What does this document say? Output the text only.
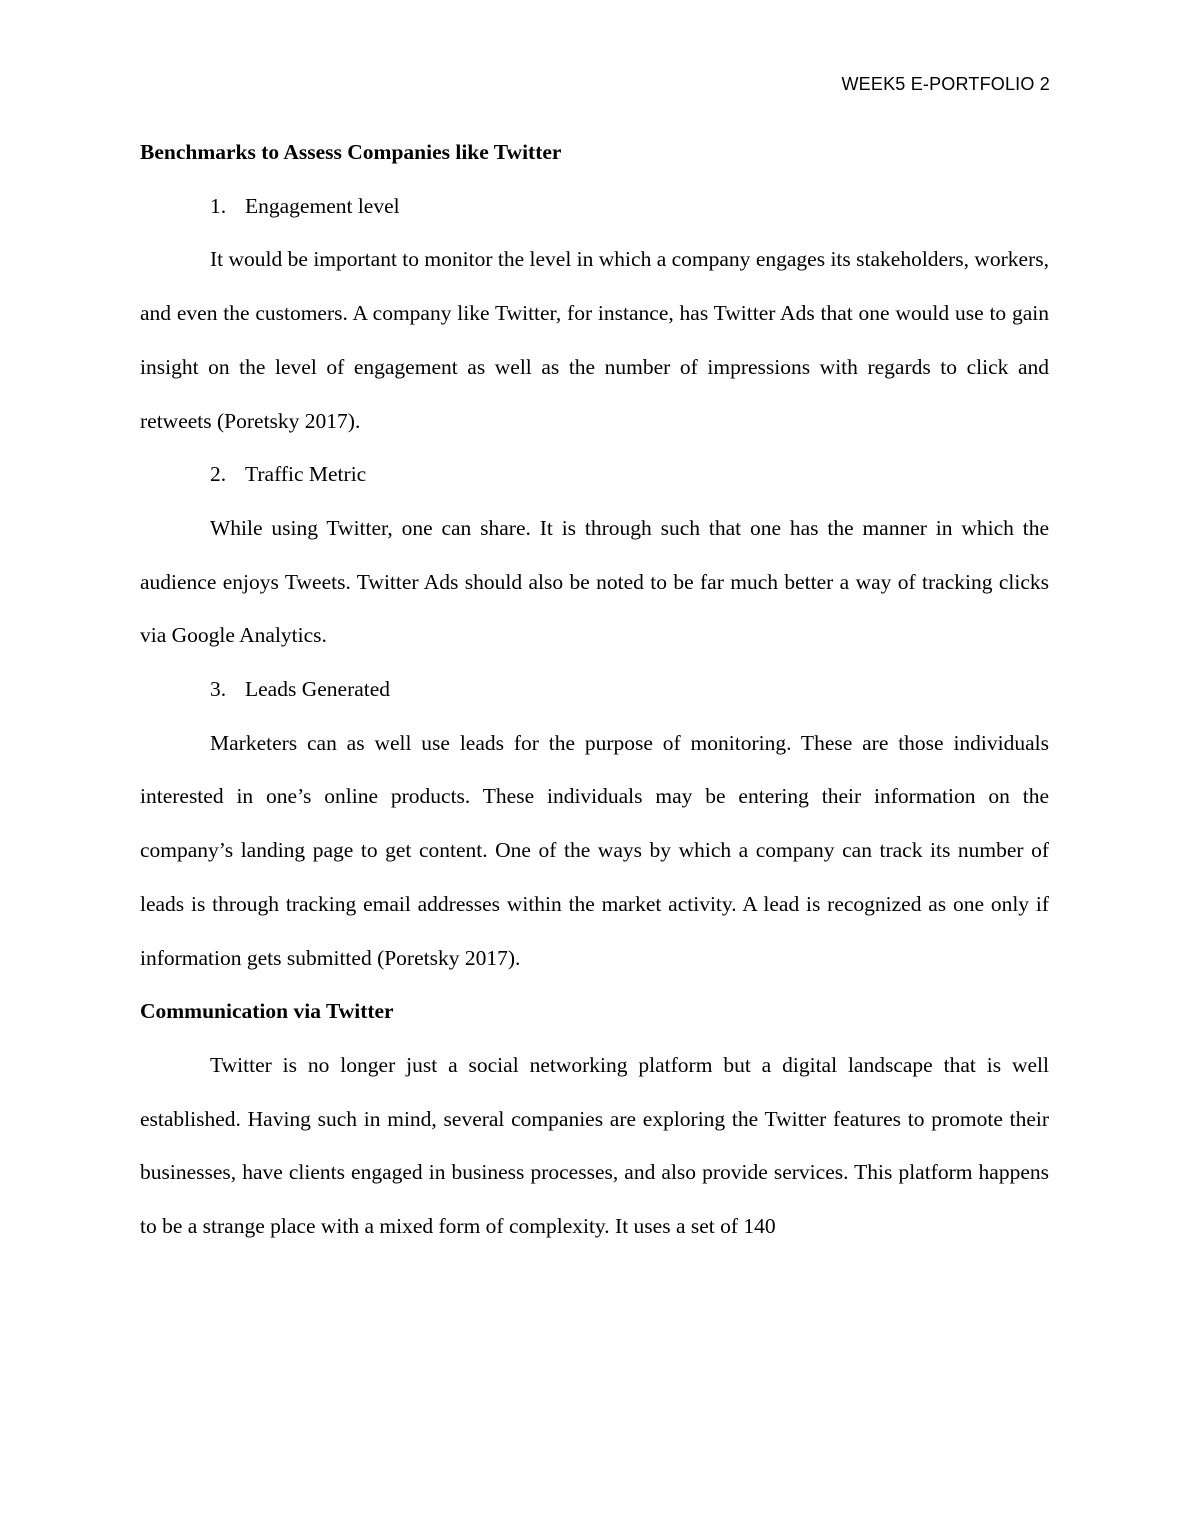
WEEK5 E-PORTFOLIO 2

Benchmarks to Assess Companies like Twitter

1. Engagement level

It would be important to monitor the level in which a company engages its stakeholders, workers, and even the customers. A company like Twitter, for instance, has Twitter Ads that one would use to gain insight on the level of engagement as well as the number of impressions with regards to click and retweets (Poretsky 2017).

2. Traffic Metric

While using Twitter, one can share. It is through such that one has the manner in which the audience enjoys Tweets. Twitter Ads should also be noted to be far much better a way of tracking clicks via Google Analytics.

3. Leads Generated

Marketers can as well use leads for the purpose of monitoring. These are those individuals interested in one’s online products. These individuals may be entering their information on the company’s landing page to get content. One of the ways by which a company can track its number of leads is through tracking email addresses within the market activity. A lead is recognized as one only if information gets submitted (Poretsky 2017).

Communication via Twitter

Twitter is no longer just a social networking platform but a digital landscape that is well established. Having such in mind, several companies are exploring the Twitter features to promote their businesses, have clients engaged in business processes, and also provide services. This platform happens to be a strange place with a mixed form of complexity. It uses a set of 140
